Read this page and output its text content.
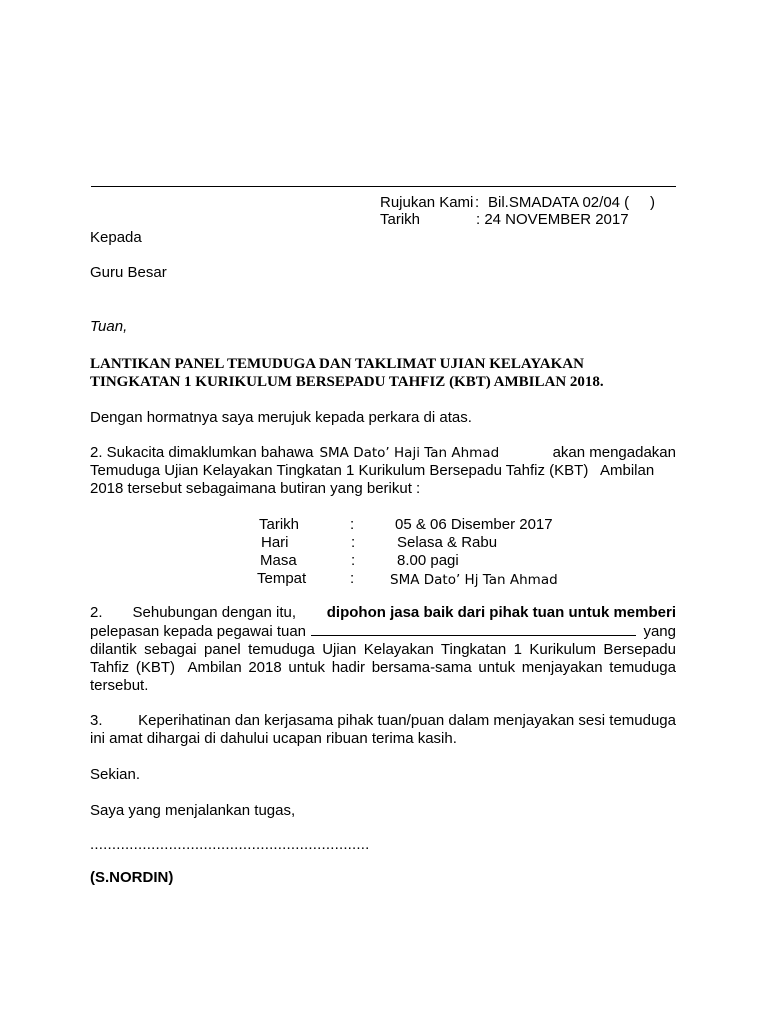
Rujukan Kami : Bil.SMADATA 02/04 (     )
Tarikh	: 24 NOVEMBER 2017
Kepada
Guru Besar
Tuan,
LANTIKAN PANEL TEMUDUGA DAN TAKLIMAT UJIAN KELAYAKAN
TINGKATAN 1 KURIKULUM BERSEPADU TAHFIZ (KBT) AMBILAN 2018.
Dengan hormatnya saya merujuk kepada perkara di atas.
2. Sukacita dimaklumkan bahawa SMA Dato’ Haji Tan Ahmad	akan mengadakan
Temuduga Ujian Kelayakan Tingkatan 1 Kurikulum Bersepadu Tahfiz (KBT)   Ambilan
2018 tersebut sebagaimana butiran yang berikut :
Tarikh	:	05 & 06 Disember 2017
Hari	:	Selasa & Rabu
Masa	:	8.00 pagi
Tempat	:	SMA Dato’ Hj Tan Ahmad
2. Sehubungan dengan itu, dipohon jasa baik dari pihak tuan untuk memberi
pelepasan kepada pegawai tuan	yang
dilantik sebagai panel temuduga Ujian Kelayakan Tingkatan 1 Kurikulum Bersepadu
Tahfiz (KBT)  Ambilan 2018 untuk hadir bersama-sama untuk menjayakan temuduga
tersebut.
3. Keperihatinan dan kerjasama pihak tuan/puan dalam menjayakan sesi temuduga
ini amat dihargai di dahului ucapan ribuan terima kasih.
Sekian.
Saya yang menjalankan tugas,
................................................................
(S.NORDIN)
